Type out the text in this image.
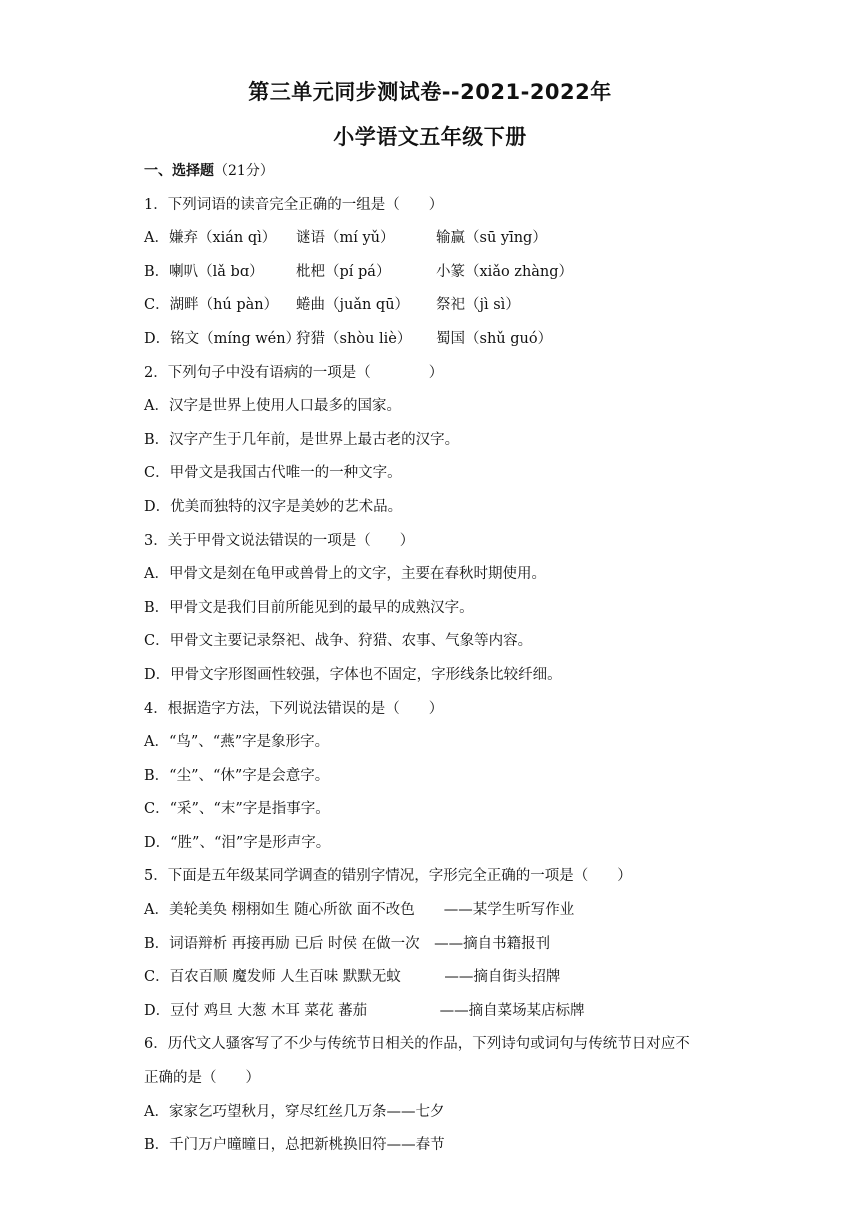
第三单元同步测试卷--2021-2022年
小学语文五年级下册
一、选择题（21分）
1．下列词语的读音完全正确的一组是（　　）
A．嫌弃（xián qì） 谜语（mí yǔ）	输赢（sū yīng）
B．喇叭（lǎ bɑ） 枇杷（pí pá）	小篆（xiǎo zhàng）
C．湖畔（hú pàn） 蜷曲（juǎn qū） 祭祀（jì sì）
D．铭文（míng wén）狩猎（shòu liè） 蜀国（shǔ guó）
2．下列句子中没有语病的一项是（　　　　）
A．汉字是世界上使用人口最多的国家。
B．汉字产生于几年前，是世界上最古老的汉字。
C．甲骨文是我国古代唯一的一种文字。
D．优美而独特的汉字是美妙的艺术品。
3．关于甲骨文说法错误的一项是（　　）
A．甲骨文是刻在龟甲或兽骨上的文字，主要在春秋时期使用。
B．甲骨文是我们目前所能见到的最早的成熟汉字。
C．甲骨文主要记录祭祀、战争、狩猎、农事、气象等内容。
D．甲骨文字形图画性较强，字体也不固定，字形线条比较纤细。
4．根据造字方法，下列说法错误的是（　　）
A．“鸟”、“燕”字是象形字。
B．“尘”、“休”字是会意字。
C．“采”、“末”字是指事字。
D．“胜”、“泪”字是形声字。
5．下面是五年级某同学调查的错别字情况，字形完全正确的一项是（　　）
A．美轮美奂 栩栩如生 随心所欲 面不改色　　——某学生听写作业
B．词语辩析 再接再励 已后 时侯 在做一次　——摘自书籍报刊
C．百农百顺 魔发师 人生百味 默默无蚊　　　——摘自街头招牌
D．豆付 鸡旦 大葱 木耳 菜花 蕃茄　　　　　——摘自菜场某店标牌
6．历代文人骚客写了不少与传统节日相关的作品，下列诗句或词句与传统节日对应不
正确的是（　　）
A．家家乞巧望秋月，穿尽红丝几万条——七夕
B．千门万户曈曈日，总把新桃换旧符——春节
